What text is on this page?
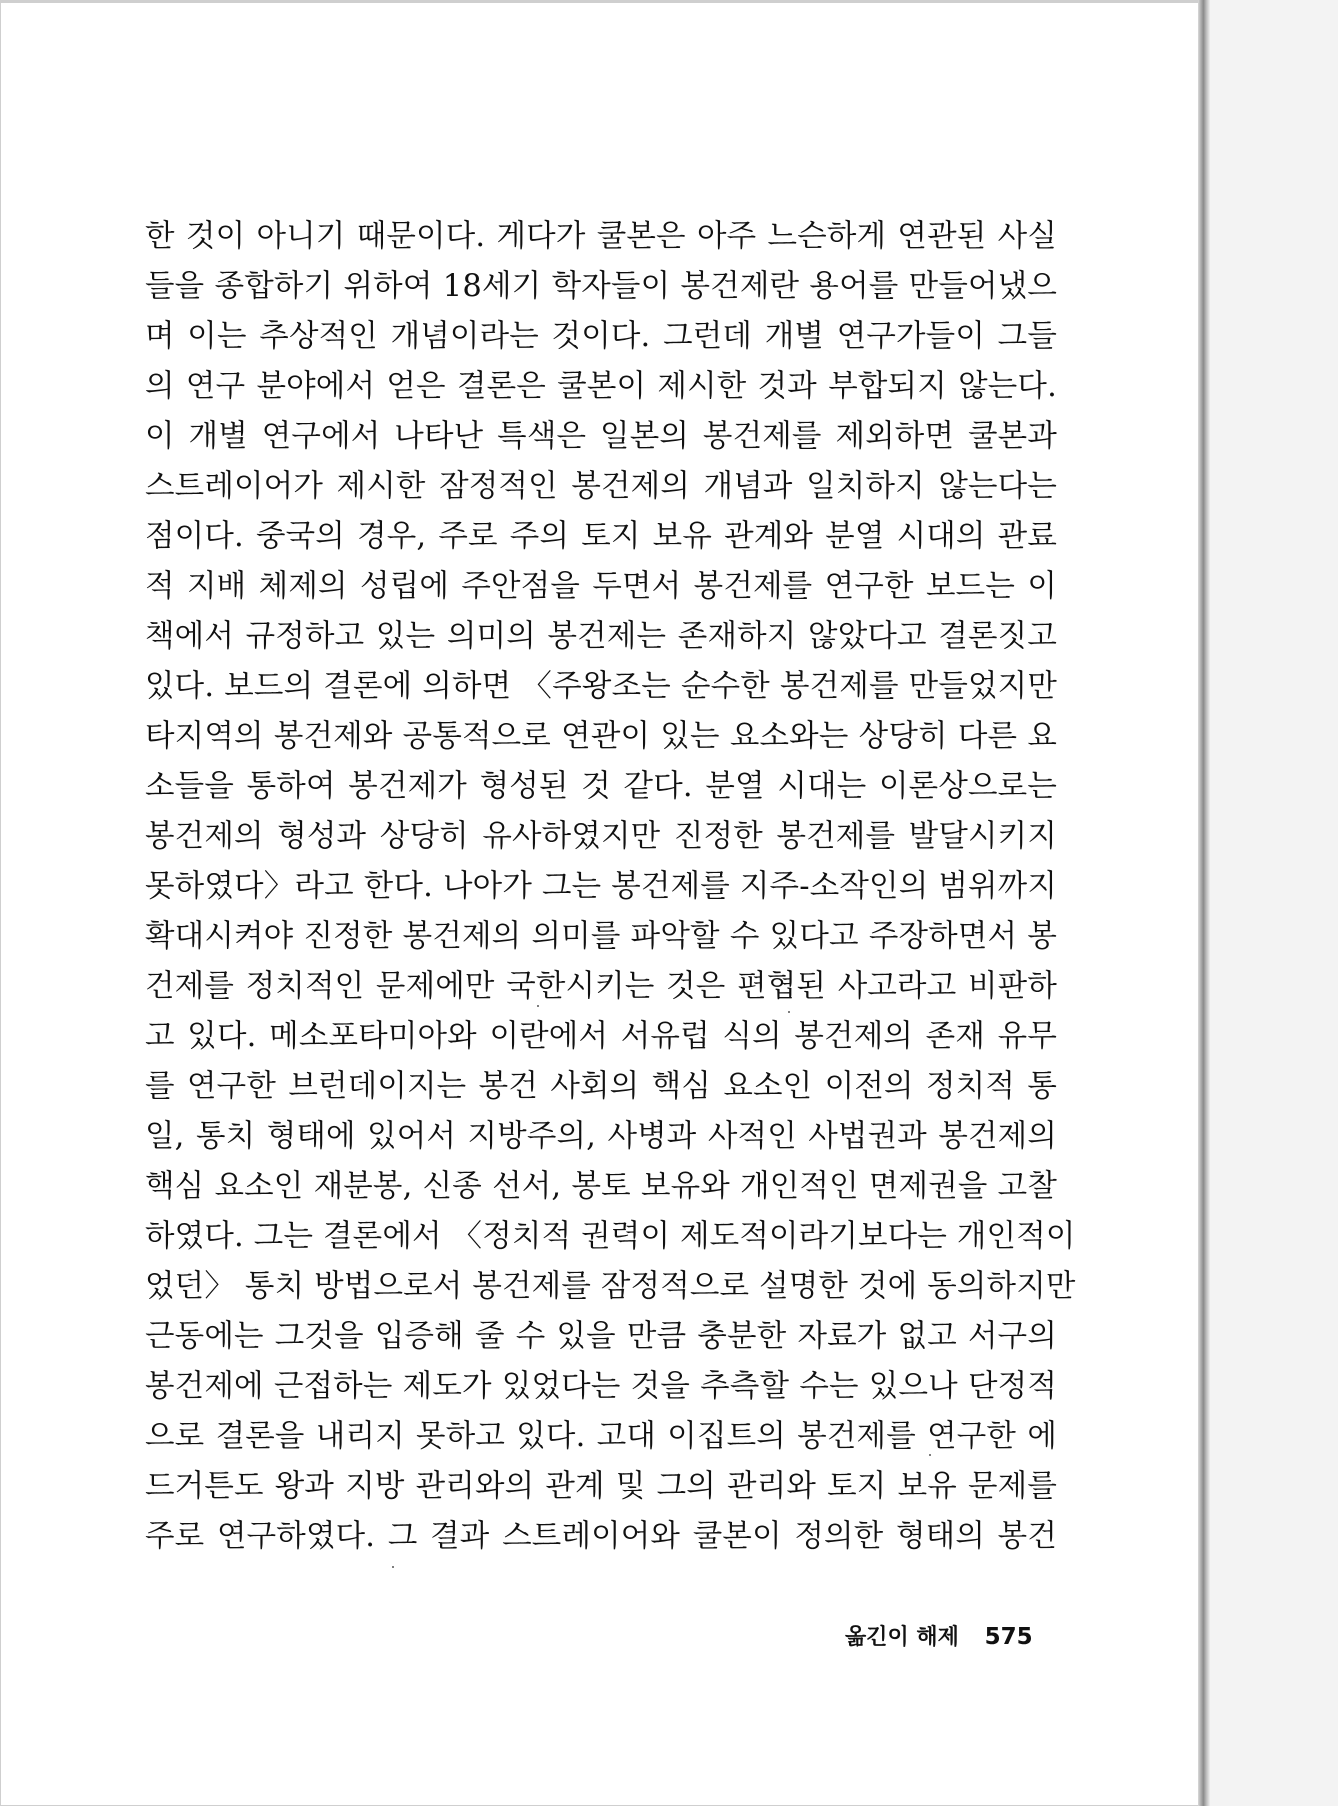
한 것이 아니기 때문이다. 게다가 쿨본은 아주 느슨하게 연관된 사실
들을 종합하기 위하여 18세기 학자들이 봉건제란 용어를 만들어냈으
며 이는 추상적인 개념이라는 것이다. 그런데 개별 연구가들이 그들
의 연구 분야에서 얻은 결론은 쿨본이 제시한 것과 부합되지 않는다.
이 개별 연구에서 나타난 특색은 일본의 봉건제를 제외하면 쿨본과
스트레이어가 제시한 잠정적인 봉건제의 개념과 일치하지 않는다는
점이다. 중국의 경우, 주로 주의 토지 보유 관계와 분열 시대의 관료
적 지배 체제의 성립에 주안점을 두면서 봉건제를 연구한 보드는 이
책에서 규정하고 있는 의미의 봉건제는 존재하지 않았다고 결론짓고
있다. 보드의 결론에 의하면 〈주왕조는 순수한 봉건제를 만들었지만
타지역의 봉건제와 공통적으로 연관이 있는 요소와는 상당히 다른 요
소들을 통하여 봉건제가 형성된 것 같다. 분열 시대는 이론상으로는
봉건제의 형성과 상당히 유사하였지만 진정한 봉건제를 발달시키지
못하였다〉라고 한다. 나아가 그는 봉건제를 지주-소작인의 범위까지
확대시켜야 진정한 봉건제의 의미를 파악할 수 있다고 주장하면서 봉
건제를 정치적인 문제에만 국한시키는 것은 편협된 사고라고 비판하
고 있다. 메소포타미아와 이란에서 서유럽 식의 봉건제의 존재 유무
를 연구한 브런데이지는 봉건 사회의 핵심 요소인 이전의 정치적 통
일, 통치 형태에 있어서 지방주의, 사병과 사적인 사법권과 봉건제의
핵심 요소인 재분봉, 신종 선서, 봉토 보유와 개인적인 면제권을 고찰
하였다. 그는 결론에서 〈정치적 권력이 제도적이라기보다는 개인적이
었던〉 통치 방법으로서 봉건제를 잠정적으로 설명한 것에 동의하지만
근동에는 그것을 입증해 줄 수 있을 만큼 충분한 자료가 없고 서구의
봉건제에 근접하는 제도가 있었다는 것을 추측할 수는 있으나 단정적
으로 결론을 내리지 못하고 있다. 고대 이집트의 봉건제를 연구한 에
드거튼도 왕과 지방 관리와의 관계 및 그의 관리와 토지 보유 문제를
주로 연구하였다. 그 결과 스트레이어와 쿨본이 정의한 형태의 봉건
옮긴이 해제 575
